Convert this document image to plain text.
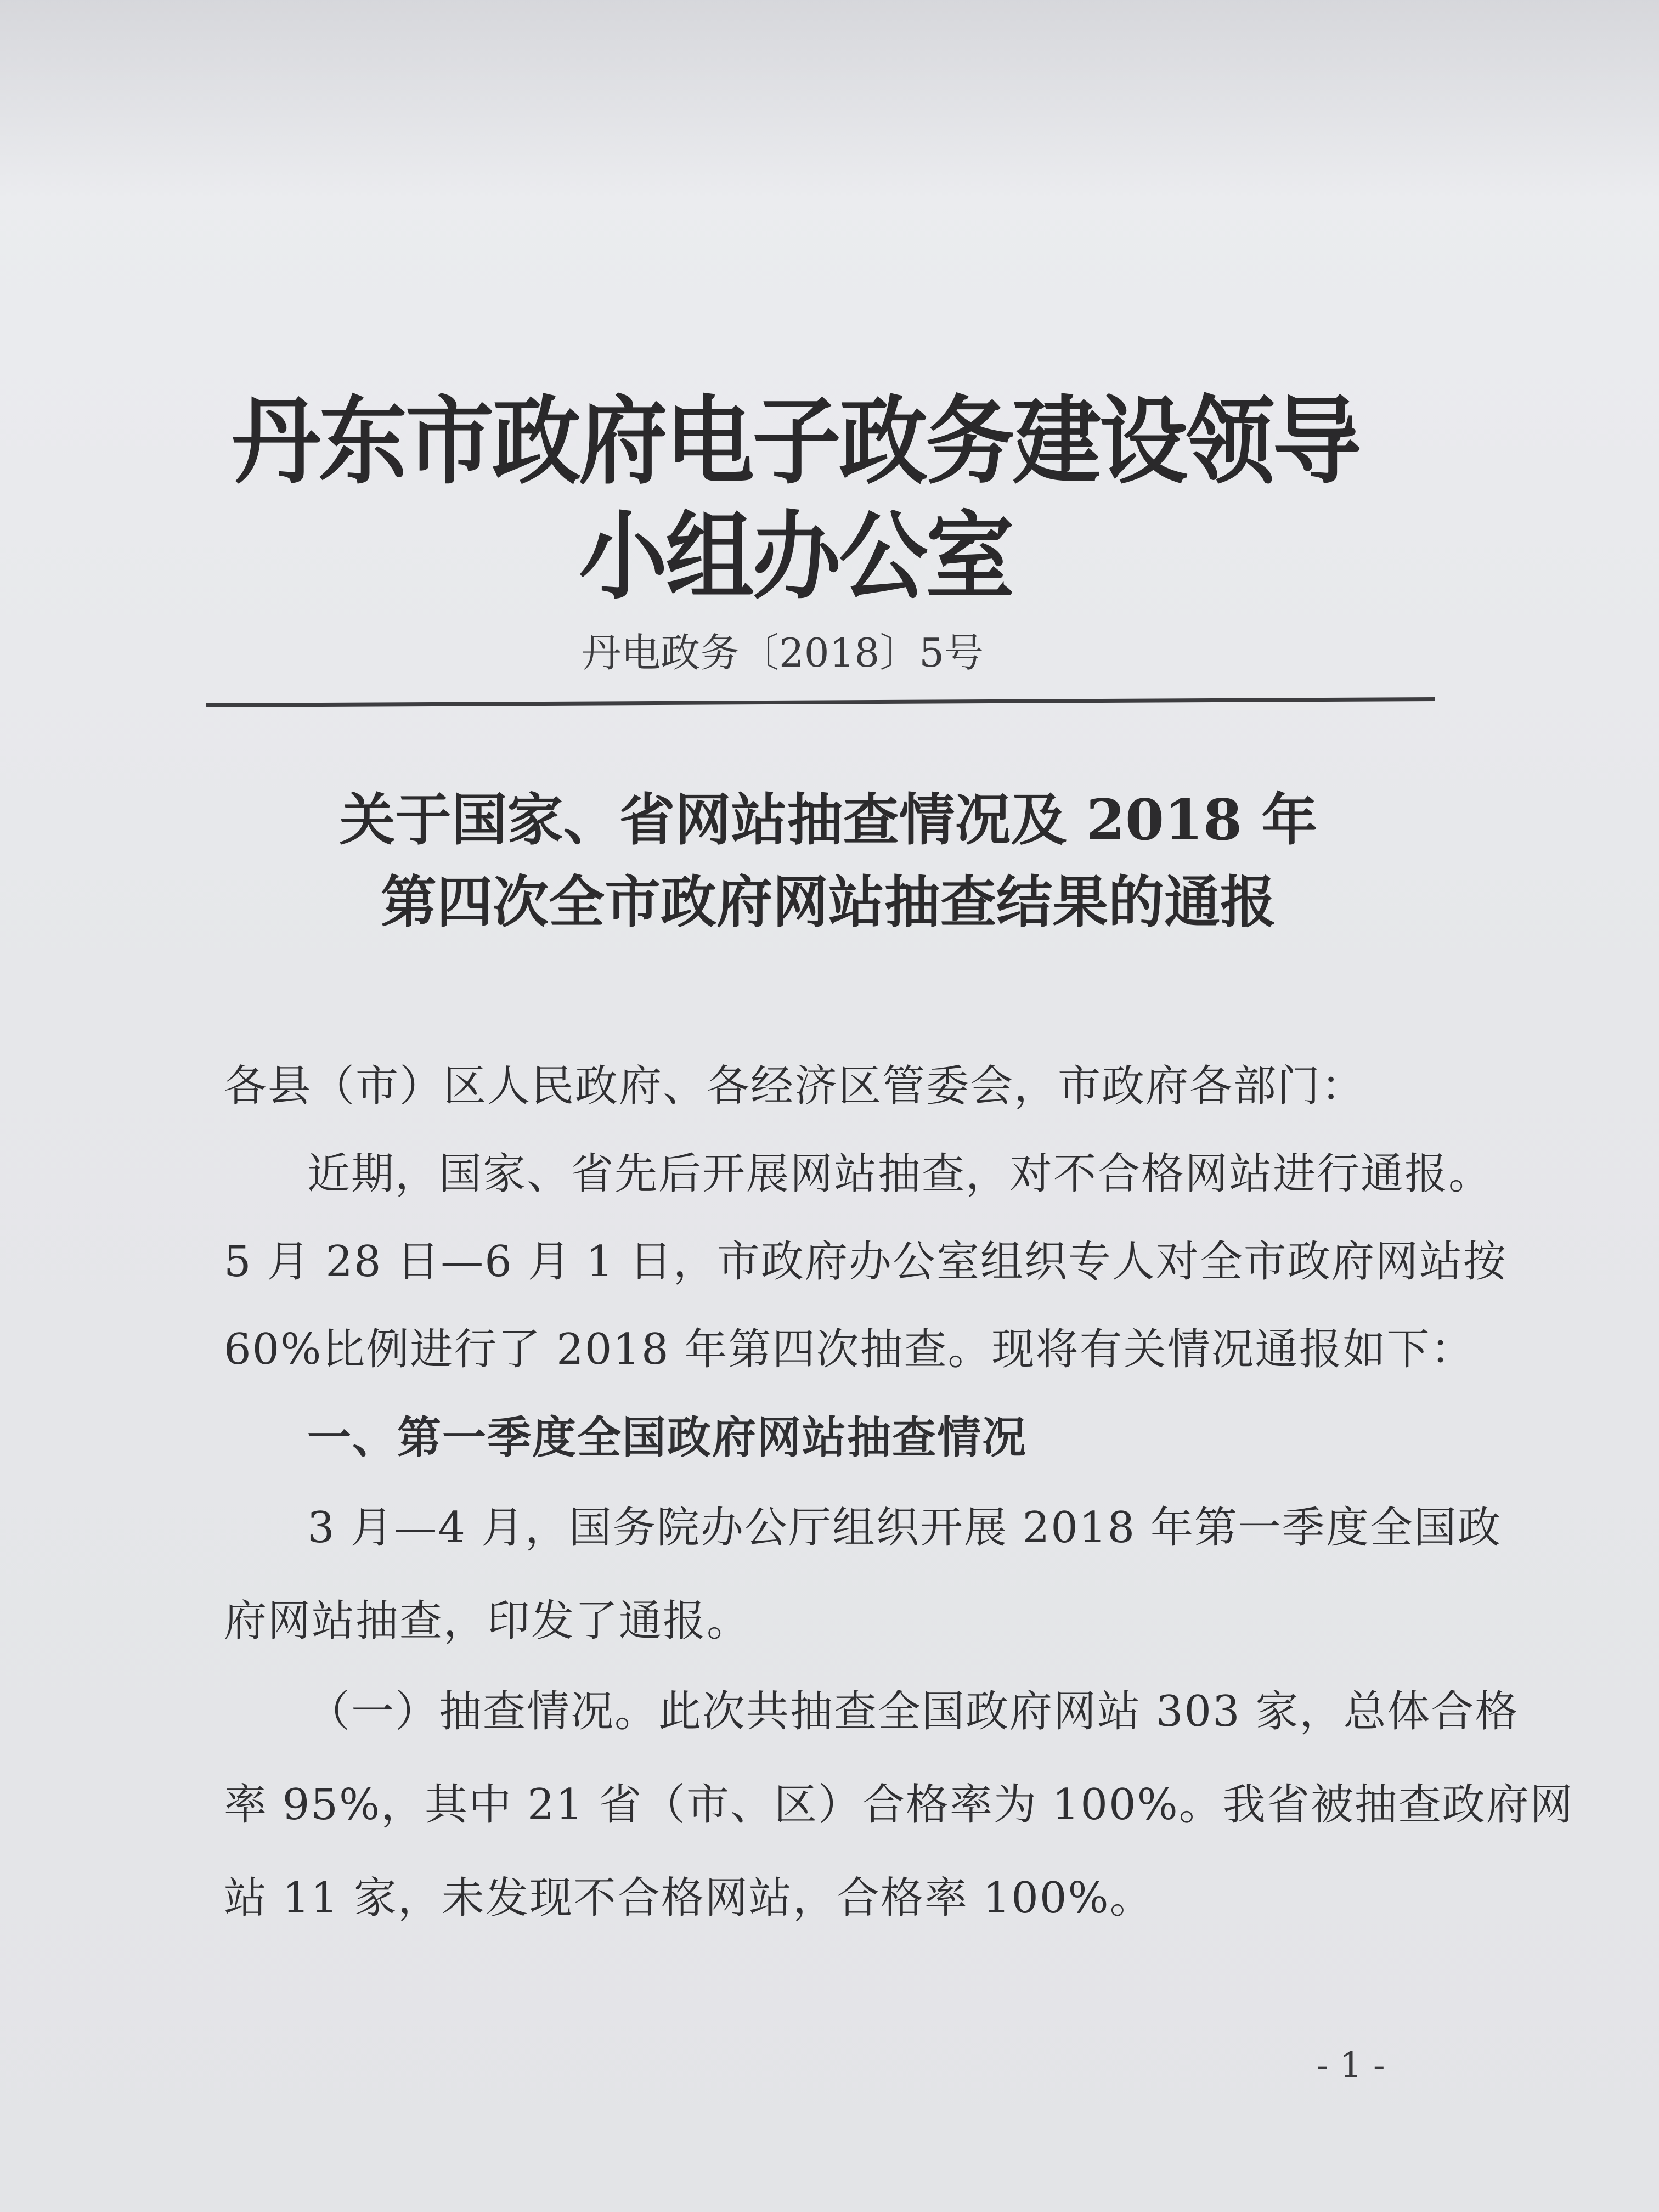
丹东市政府电子政务建设领导小组办公室
丹电政务〔2018〕5号
关于国家、省网站抽查情况及 2018 年
第四次全市政府网站抽查结果的通报
各县（市）区人民政府、各经济区管委会，市政府各部门：
近期，国家、省先后开展网站抽查，对不合格网站进行通报。
5 月 28 日—6 月 1 日，市政府办公室组织专人对全市政府网站按
60%比例进行了 2018 年第四次抽查。现将有关情况通报如下：
一、第一季度全国政府网站抽查情况
3 月—4 月，国务院办公厅组织开展 2018 年第一季度全国政
府网站抽查，印发了通报。
（一）抽查情况。此次共抽查全国政府网站 303 家，总体合格
率 95%，其中 21 省（市、区）合格率为 100%。我省被抽查政府网
站 11 家，未发现不合格网站，合格率 100%。
- 1 -
